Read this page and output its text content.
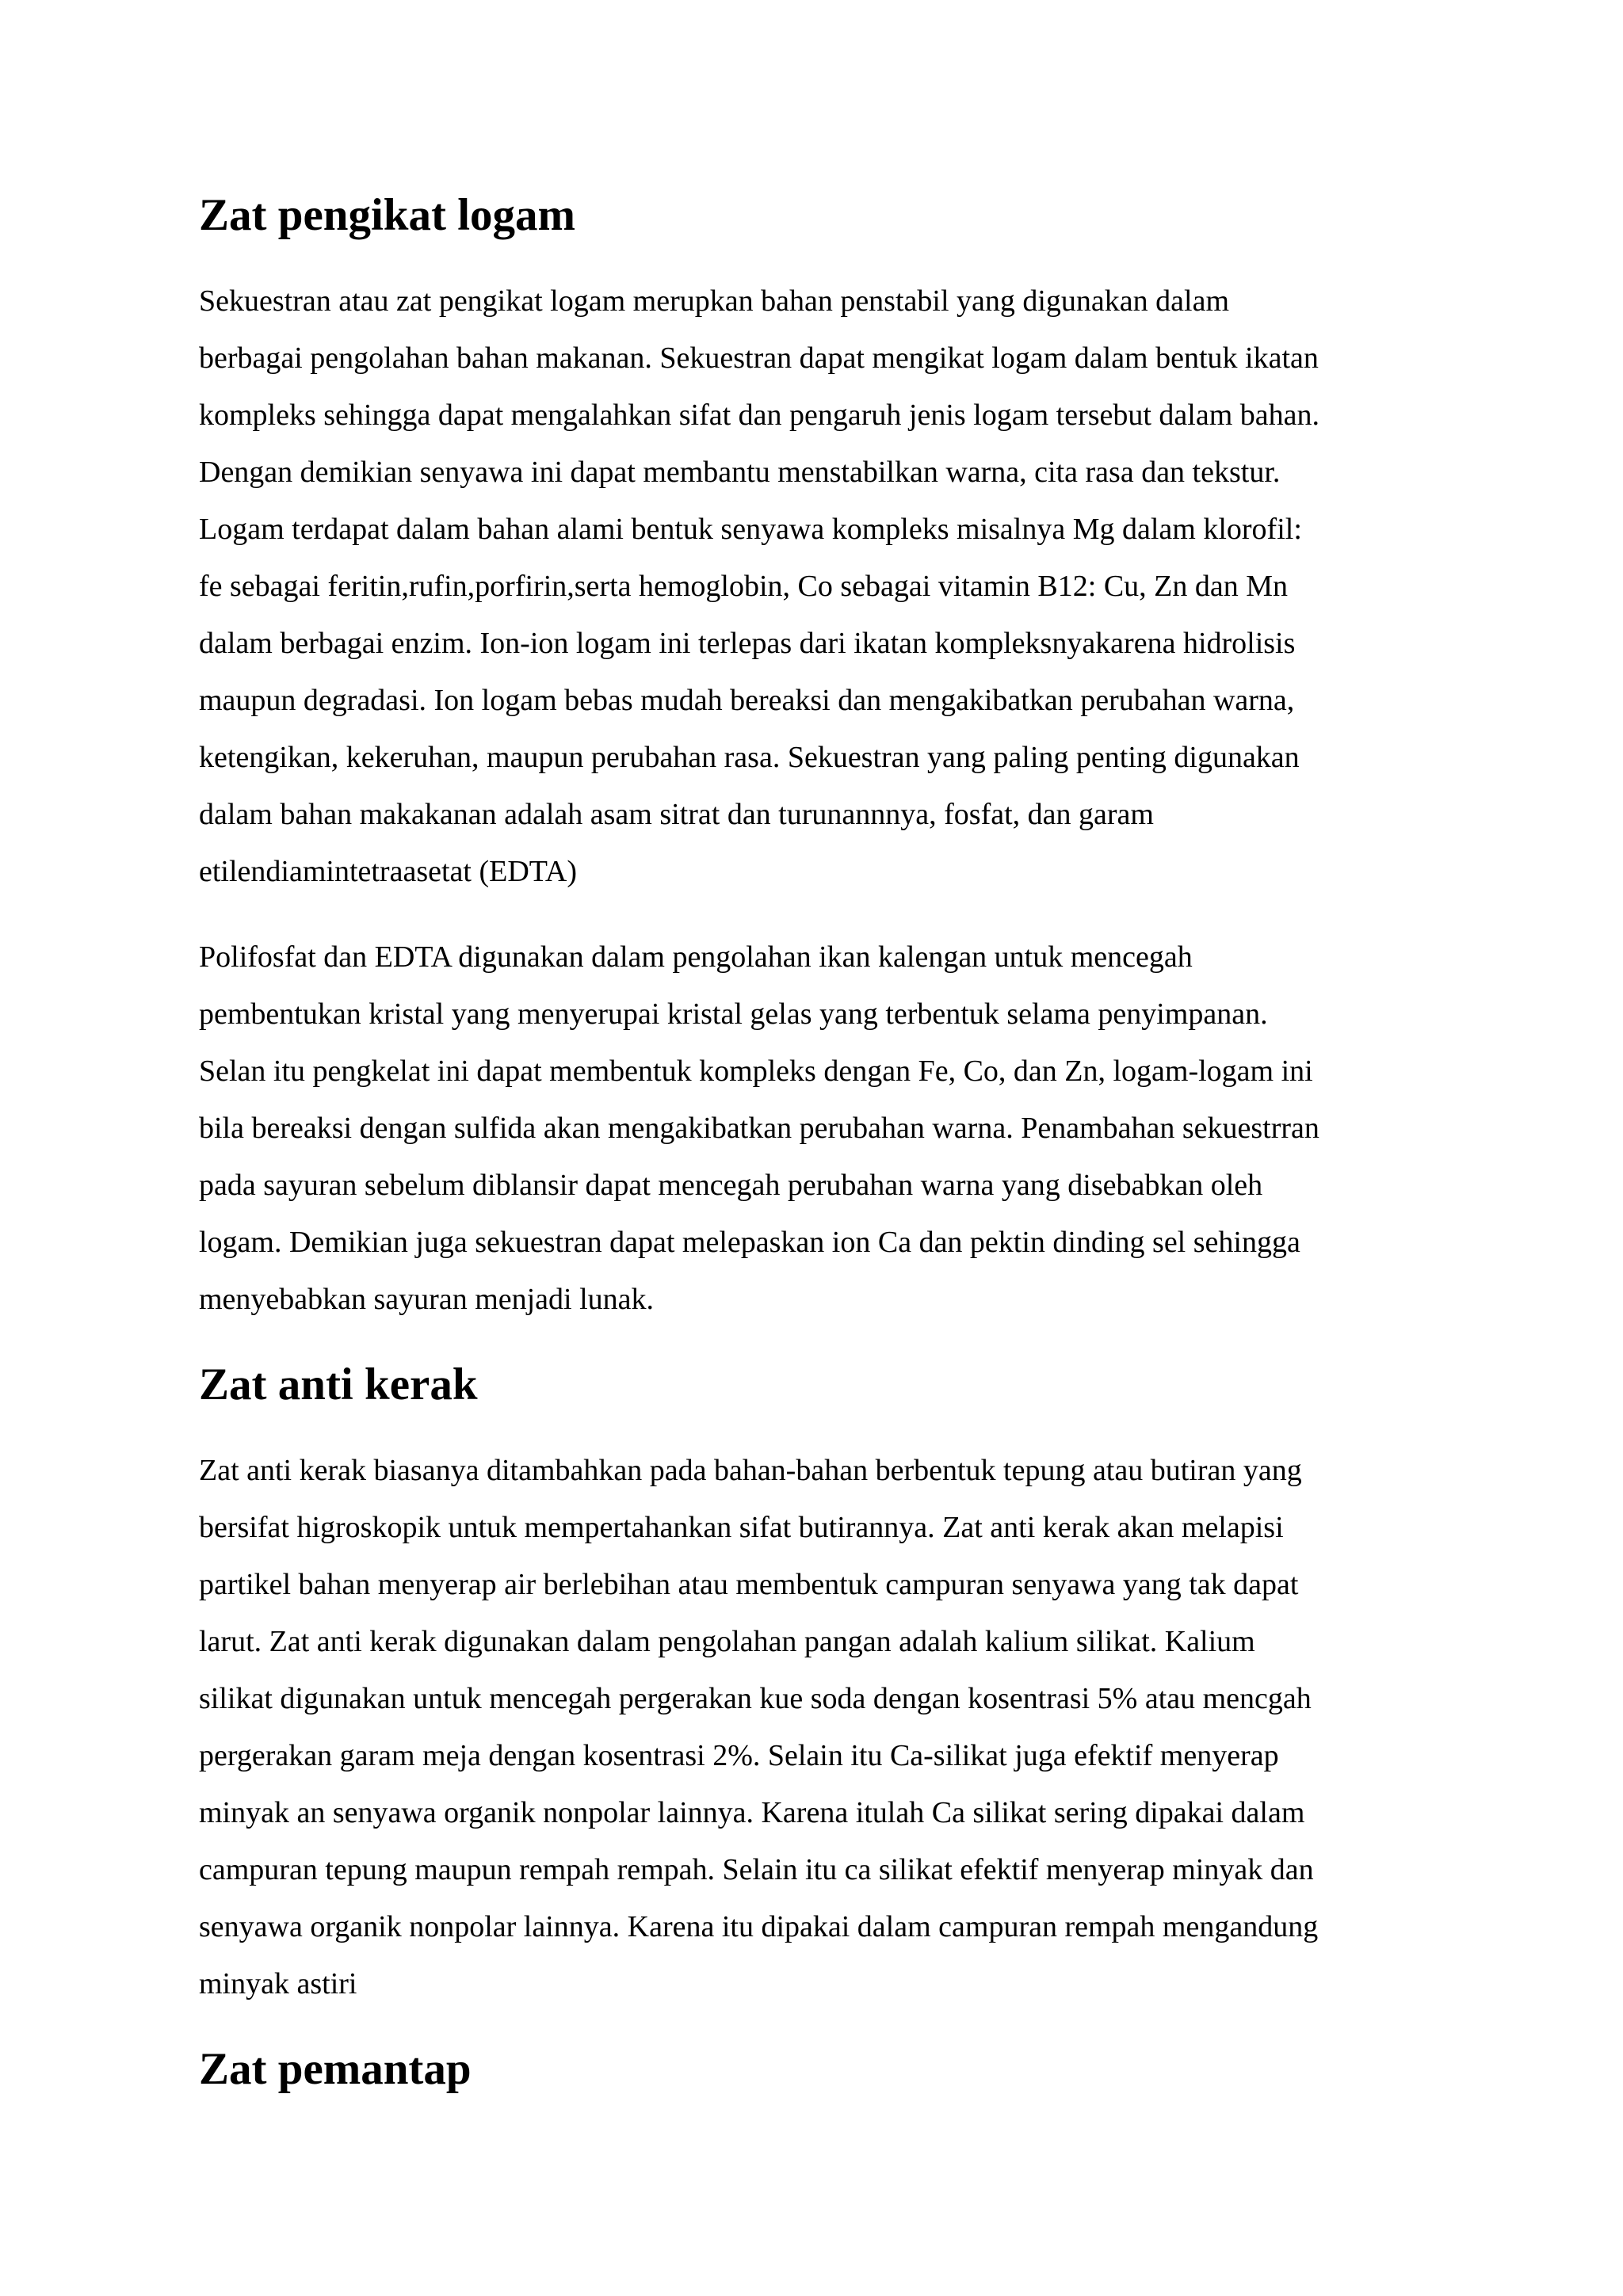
Zat pengikat logam

Sekuestran atau zat pengikat logam merupkan bahan penstabil yang digunakan dalam
berbagai pengolahan bahan makanan. Sekuestran dapat mengikat logam dalam bentuk ikatan
kompleks sehingga dapat mengalahkan sifat dan pengaruh jenis logam tersebut dalam bahan.
Dengan demikian senyawa ini dapat membantu menstabilkan warna, cita rasa dan tekstur.
Logam terdapat dalam bahan alami bentuk senyawa kompleks misalnya Mg dalam klorofil:
fe sebagai feritin,rufin,porfirin,serta hemoglobin, Co sebagai vitamin B12: Cu, Zn dan Mn
dalam berbagai enzim. Ion-ion logam ini terlepas dari ikatan kompleksnyakarena hidrolisis
maupun degradasi. Ion logam bebas mudah bereaksi dan mengakibatkan perubahan warna,
ketengikan, kekeruhan, maupun perubahan rasa. Sekuestran yang paling penting digunakan
dalam bahan makakanan adalah asam sitrat dan turunannnya, fosfat, dan garam
etilendiamintetraasetat (EDTA)

Polifosfat dan EDTA digunakan dalam pengolahan ikan kalengan untuk mencegah
pembentukan kristal yang menyerupai kristal gelas yang terbentuk selama penyimpanan.
Selan itu pengkelat ini dapat membentuk kompleks dengan Fe, Co, dan Zn, logam-logam ini
bila bereaksi dengan sulfida akan mengakibatkan perubahan warna. Penambahan sekuestrran
pada sayuran sebelum diblansir dapat mencegah perubahan warna yang disebabkan oleh
logam. Demikian juga sekuestran dapat melepaskan ion Ca dan pektin dinding sel sehingga
menyebabkan sayuran menjadi lunak.

Zat anti kerak

Zat anti kerak biasanya ditambahkan pada bahan-bahan berbentuk tepung atau butiran yang
bersifat higroskopik untuk mempertahankan sifat butirannya. Zat anti kerak akan melapisi
partikel bahan menyerap air berlebihan atau membentuk campuran senyawa yang tak dapat
larut. Zat anti kerak digunakan dalam pengolahan pangan adalah kalium silikat. Kalium
silikat digunakan untuk mencegah pergerakan kue soda dengan kosentrasi 5% atau mencgah
pergerakan garam meja dengan kosentrasi 2%. Selain itu Ca-silikat juga efektif menyerap
minyak an senyawa organik nonpolar lainnya. Karena itulah Ca silikat sering dipakai dalam
campuran tepung maupun rempah rempah. Selain itu ca silikat efektif menyerap minyak dan
senyawa organik nonpolar lainnya. Karena itu dipakai dalam campuran rempah mengandung
minyak astiri

Zat pemantap
